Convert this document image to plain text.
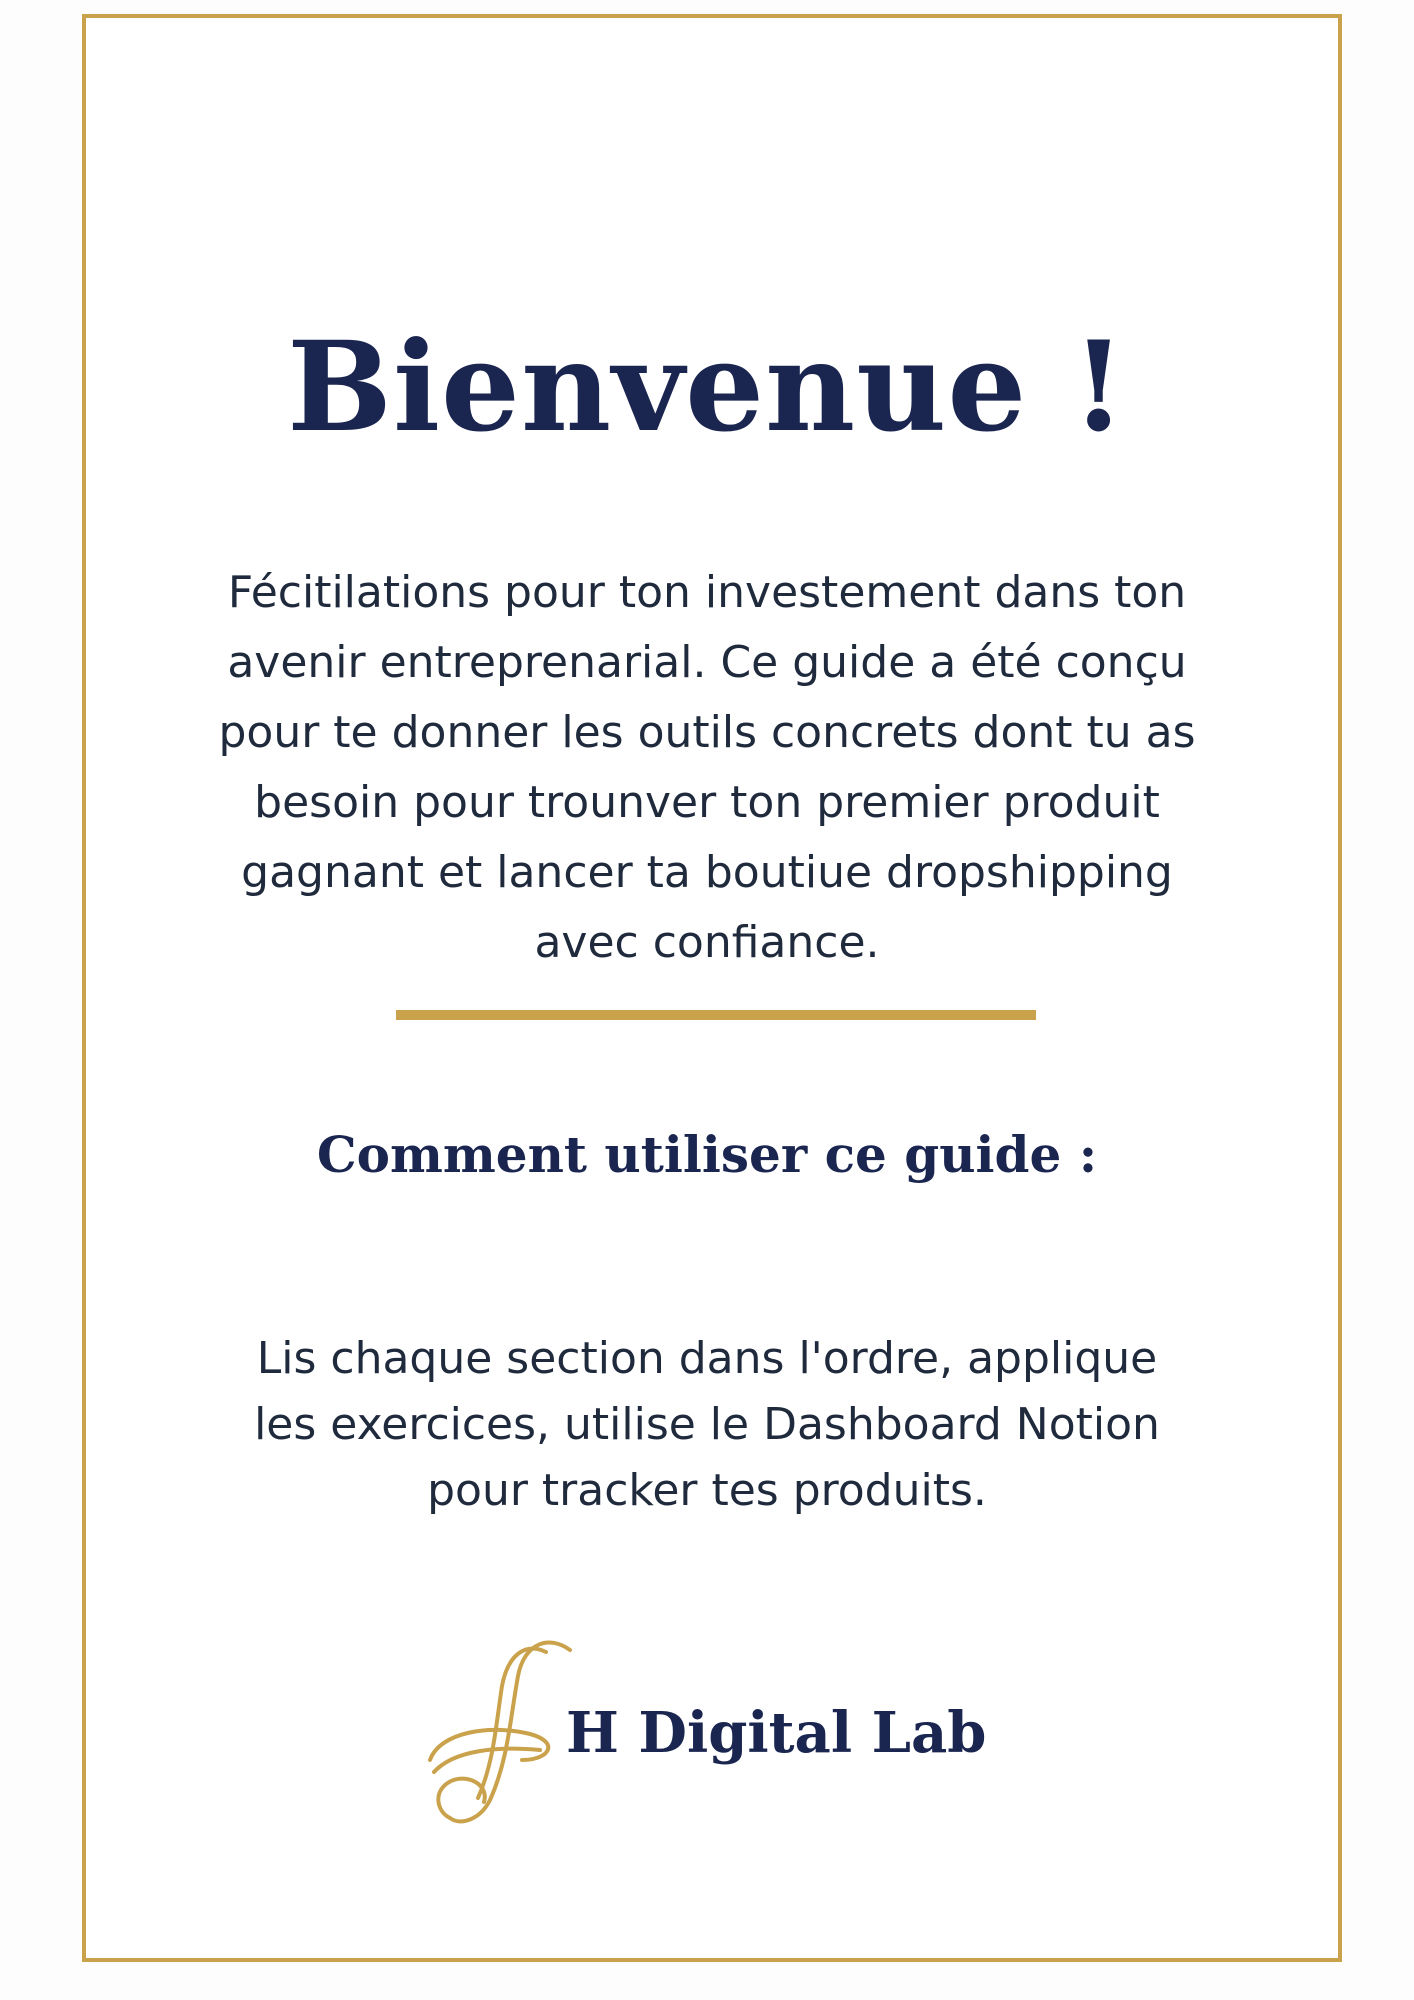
Bienvenue !

Fécitilations pour ton investement dans ton
avenir entreprenarial. Ce guide a été conçu
pour te donner les outils concrets dont tu as
besoin pour trounver ton premier produit
gagnant et lancer ta boutiue dropshipping
avec confiance.

Comment utiliser ce guide :

Lis chaque section dans l'ordre, applique
les exercices, utilise le Dashboard Notion
pour tracker tes produits.

H Digital Lab
